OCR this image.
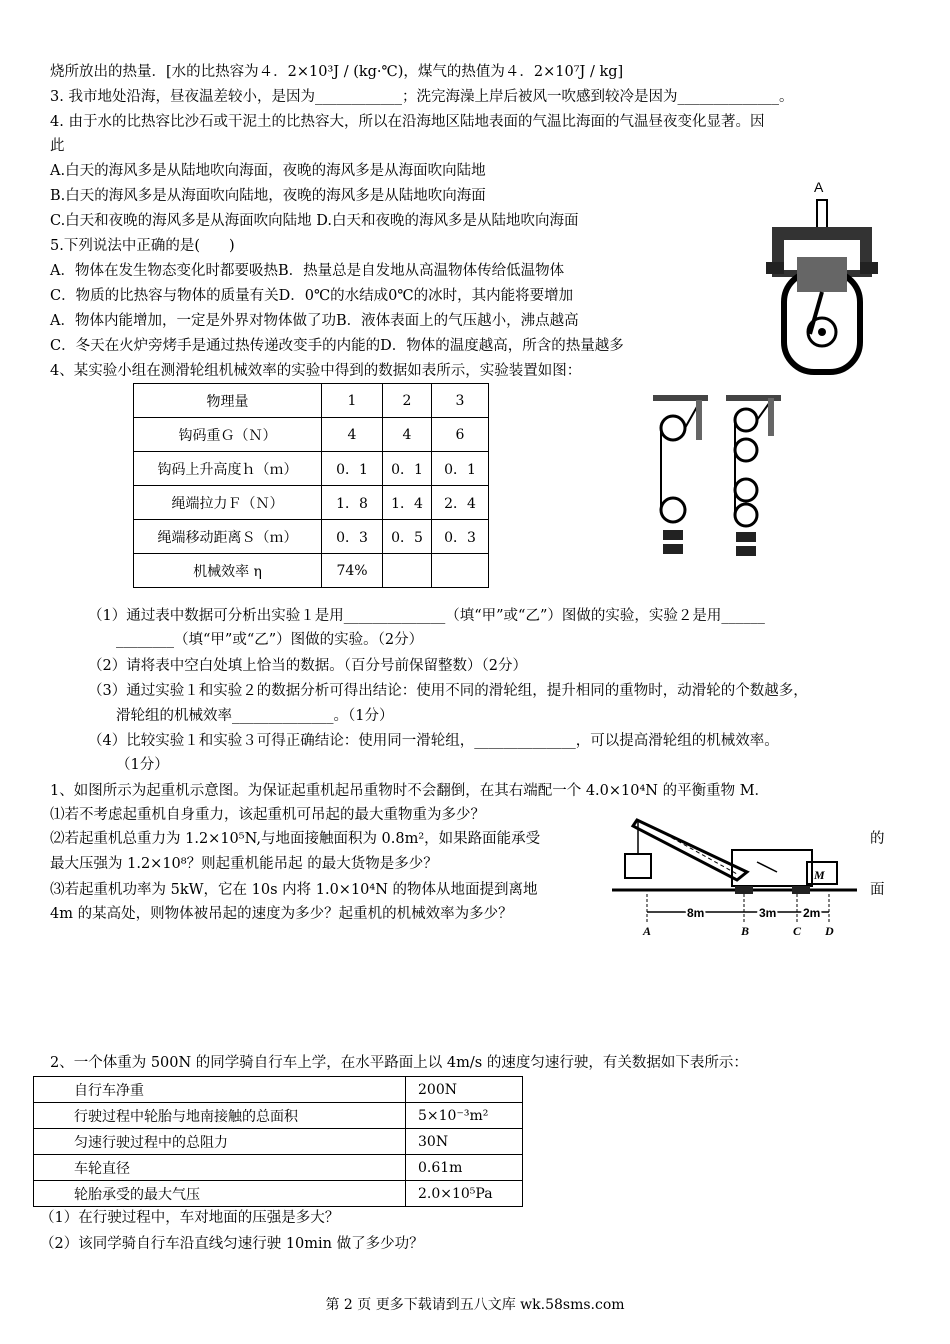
烧所放出的热量．[水的比热容为４．2×10³J / (kg·℃)，煤气的热值为４．2×10⁷J / kg]
3. 我市地处沿海，昼夜温差较小，是因为____________；洗完海澡上岸后被风一吹感到较冷是因为______________。
4. 由于水的比热容比沙石或干泥土的比热容大，所以在沿海地区陆地表面的气温比海面的气温昼夜变化显著。因
此
A.白天的海风多是从陆地吹向海面，夜晚的海风多是从海面吹向陆地
B.白天的海风多是从海面吹向陆地，夜晚的海风多是从陆地吹向海面
C.白天和夜晚的海风多是从海面吹向陆地 D.白天和夜晚的海风多是从陆地吹向海面
5.下列说法中正确的是(　　)
A．物体在发生物态变化时都要吸热B．热量总是自发地从高温物体传给低温物体
C．物质的比热容与物体的质量有关D．0℃的水结成0℃的冰时，其内能将要增加
A．物体内能增加，一定是外界对物体做了功B．液体表面上的气压越小，沸点越高
C．冬天在火炉旁烤手是通过热传递改变手的内能的D．物体的温度越高，所含的热量越多
4、某实验小组在测滑轮组机械效率的实验中得到的数据如表所示，实验装置如图：
A
物理量	1	2	3
钩码重Ｇ（Ｎ）	4	4	6
钩码上升高度ｈ（ｍ）	0．1	0．1	0．1
绳端拉力Ｆ（Ｎ）	1．8	1．4	2．4
绳端移动距离Ｓ（ｍ）	0．3	0．5	0．3
机械效率 η	74%		
（1）通过表中数据可分析出实验１是用______________（填“甲”或“乙”）图做的实验，实验２是用______
________（填“甲”或“乙”）图做的实验。（2分）
（2）请将表中空白处填上恰当的数据。（百分号前保留整数）（2分）
（3）通过实验１和实验２的数据分析可得出结论：使用不同的滑轮组，提升相同的重物时，动滑轮的个数越多，
滑轮组的机械效率______________。（1分）
（4）比较实验１和实验３可得正确结论：使用同一滑轮组，______________，可以提高滑轮组的机械效率。
（1分）
1、如图所示为起重机示意图。为保证起重机起吊重物时不会翻倒，在其右端配一个 4.0×10⁴N 的平衡重物 M．
⑴若不考虑起重机自身重力，该起重机可吊起的最大重物重为多少？
⑵若起重机总重力为 1.2×10⁵N,与地面接触面积为 0.8m²，如果路面能承受	的
最大压强为 1.2×10⁸？则起重机能吊起 的最大货物是多少？
⑶若起重机功率为 5kW，它在 10s 内将 1.0×10⁴N 的物体从地面提到离地	面
4m 的某高处，则物体被吊起的速度为多少？起重机的机械效率为多少？
M
8m	3m 2m
A	B	C D
2、一个体重为 500N 的同学骑自行车上学，在水平路面上以 4m/s 的速度匀速行驶，有关数据如下表所示：
自行车净重	200N
行驶过程中轮胎与地南接触的总面积	5×10⁻³m²
匀速行驶过程中的总阻力	30N
车轮直径	0.61m
轮胎承受的最大气压	2.0×10⁵Pa
（1）在行驶过程中，车对地面的压强是多大？
（2）该同学骑自行车沿直线匀速行驶 10min 做了多少功？
第 2 页 更多下载请到五八文库 wk.58sms.com
